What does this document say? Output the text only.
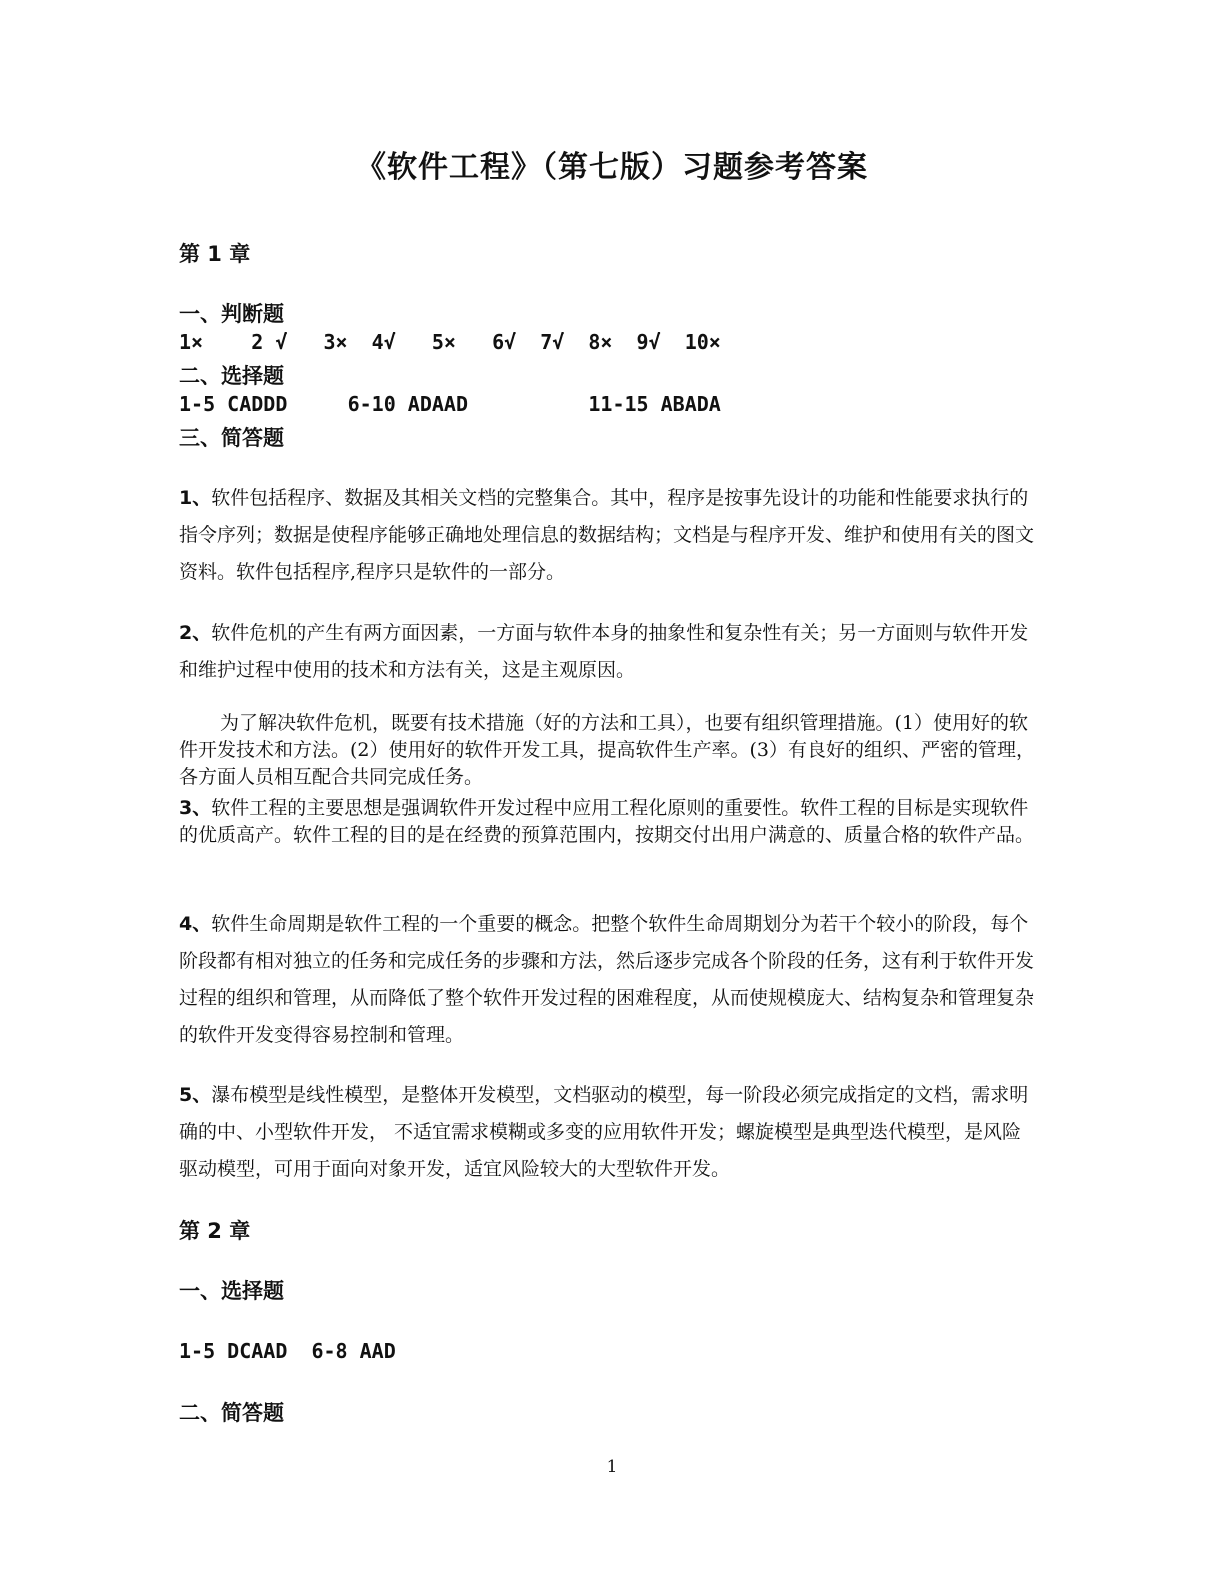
《软件工程》（第七版）习题参考答案
第 1 章
一、判断题
1×    2 √   3×  4√   5×   6√  7√  8×  9√  10×
二、选择题
1-5 CADDD     6-10 ADAAD          11-15 ABADA
三、简答题
1、软件包括程序、数据及其相关文档的完整集合。其中，程序是按事先设计的功能和性能要求执行的指令序列；数据是使程序能够正确地处理信息的数据结构；文档是与程序开发、维护和使用有关的图文资料。软件包括程序,程序只是软件的一部分。
2、软件危机的产生有两方面因素，一方面与软件本身的抽象性和复杂性有关；另一方面则与软件开发和维护过程中使用的技术和方法有关，这是主观原因。
为了解决软件危机，既要有技术措施（好的方法和工具），也要有组织管理措施。(1）使用好的软件开发技术和方法。(2）使用好的软件开发工具，提高软件生产率。(3）有良好的组织、严密的管理，各方面人员相互配合共同完成任务。
3、软件工程的主要思想是强调软件开发过程中应用工程化原则的重要性。软件工程的目标是实现软件的优质高产。软件工程的目的是在经费的预算范围内，按期交付出用户满意的、质量合格的软件产品。
4、软件生命周期是软件工程的一个重要的概念。把整个软件生命周期划分为若干个较小的阶段，每个阶段都有相对独立的任务和完成任务的步骤和方法，然后逐步完成各个阶段的任务，这有利于软件开发过程的组织和管理，从而降低了整个软件开发过程的困难程度，从而使规模庞大、结构复杂和管理复杂的软件开发变得容易控制和管理。
5、瀑布模型是线性模型，是整体开发模型，文档驱动的模型，每一阶段必须完成指定的文档，需求明确的中、小型软件开发， 不适宜需求模糊或多变的应用软件开发；螺旋模型是典型迭代模型，是风险驱动模型，可用于面向对象开发，适宜风险较大的大型软件开发。
第 2 章
一、选择题
1-5 DCAAD  6-8 AAD
二、简答题
1
